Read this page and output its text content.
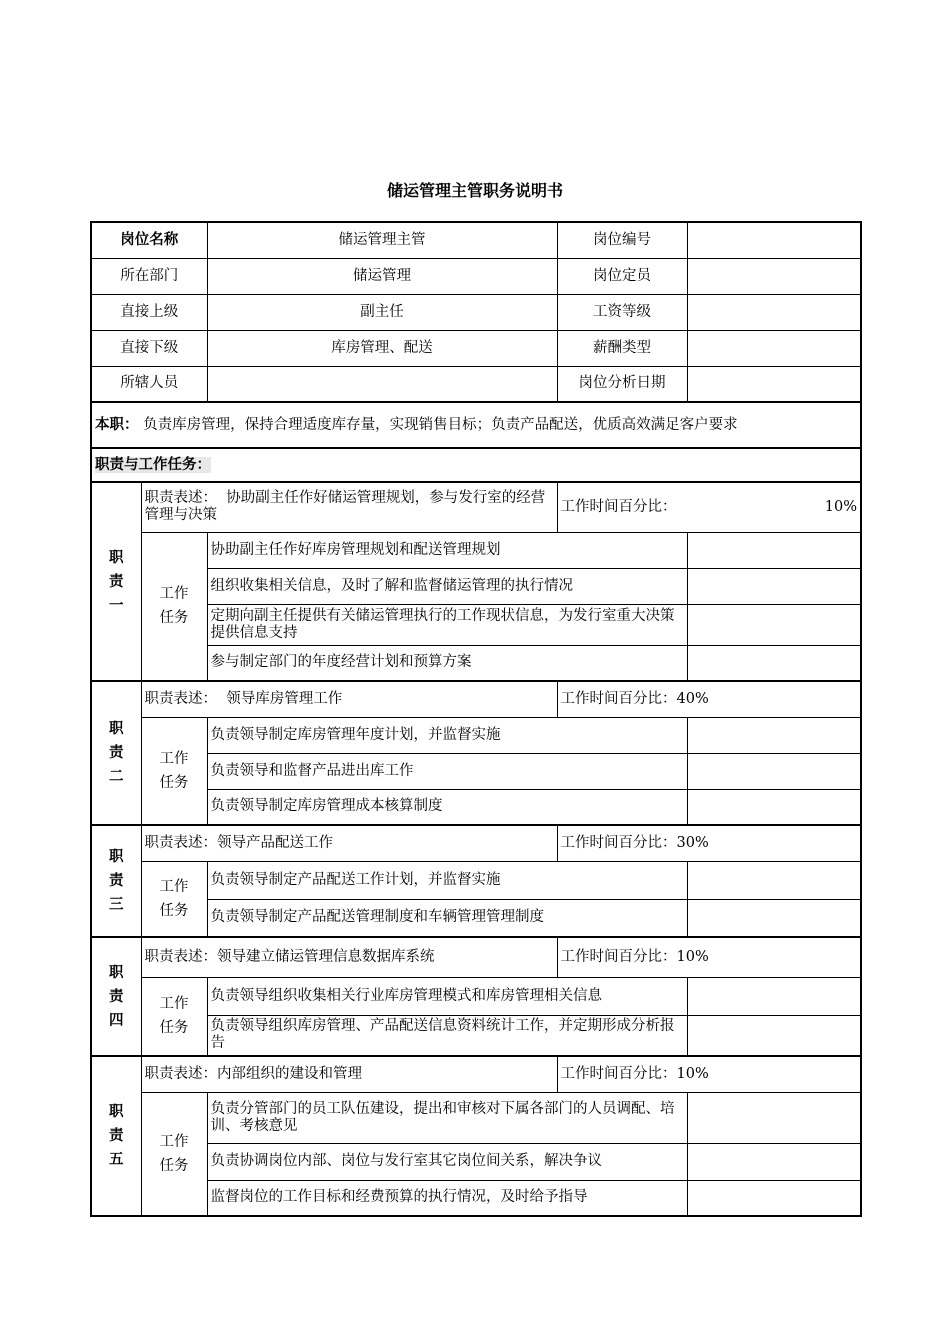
储运管理主管职务说明书
岗位名称		储运管理主管	岗位编号	
所在部门		储运管理	岗位定员	
直接上级		副主任	工资等级	
直接下级		库房管理、配送	薪酬类型	
所辖人员			岗位分析日期	
本职： 负责库房管理，保持合理适度库存量，实现销售目标；负责产品配送，优质高效满足客户要求				
职责与工作任务：				

职
责
一	职责表述： 协助副主任作好储运管理规划，参与发行室的经营管理与决策		工作时间百分比： 10%	

	工作
任务	协助副主任作好库房管理规划和配送管理规划		
		组织收集相关信息，及时了解和监督储运管理的执行情况		
		定期向副主任提供有关储运管理执行的工作现状信息，为发行室重大决策提供信息支持		
		参与制定部门的年度经营计划和预算方案		

职
责
二	职责表述： 领导库房管理工作		工作时间百分比：40%	

	工作
任务	负责领导制定库房管理年度计划，并监督实施		
		负责领导和监督产品进出库工作		
		负责领导制定库房管理成本核算制度		

职
责
三	职责表述：领导产品配送工作		工作时间百分比：30%	

	工作
任务	负责领导制定产品配送工作计划，并监督实施		
		负责领导制定产品配送管理制度和车辆管理管理制度		

职
责
四	职责表述：领导建立储运管理信息数据库系统		工作时间百分比：10%	

	工作
任务	负责领导组织收集相关行业库房管理模式和库房管理相关信息		
		负责领导组织库房管理、产品配送信息资料统计工作，并定期形成分析报告		

职
责
五	职责表述：内部组织的建设和管理		工作时间百分比：10%	

	工作
任务	负责分管部门的员工队伍建设，提出和审核对下属各部门的人员调配、培训、考核意见		
		负责协调岗位内部、岗位与发行室其它岗位间关系，解决争议		
		监督岗位的工作目标和经费预算的执行情况，及时给予指导		
